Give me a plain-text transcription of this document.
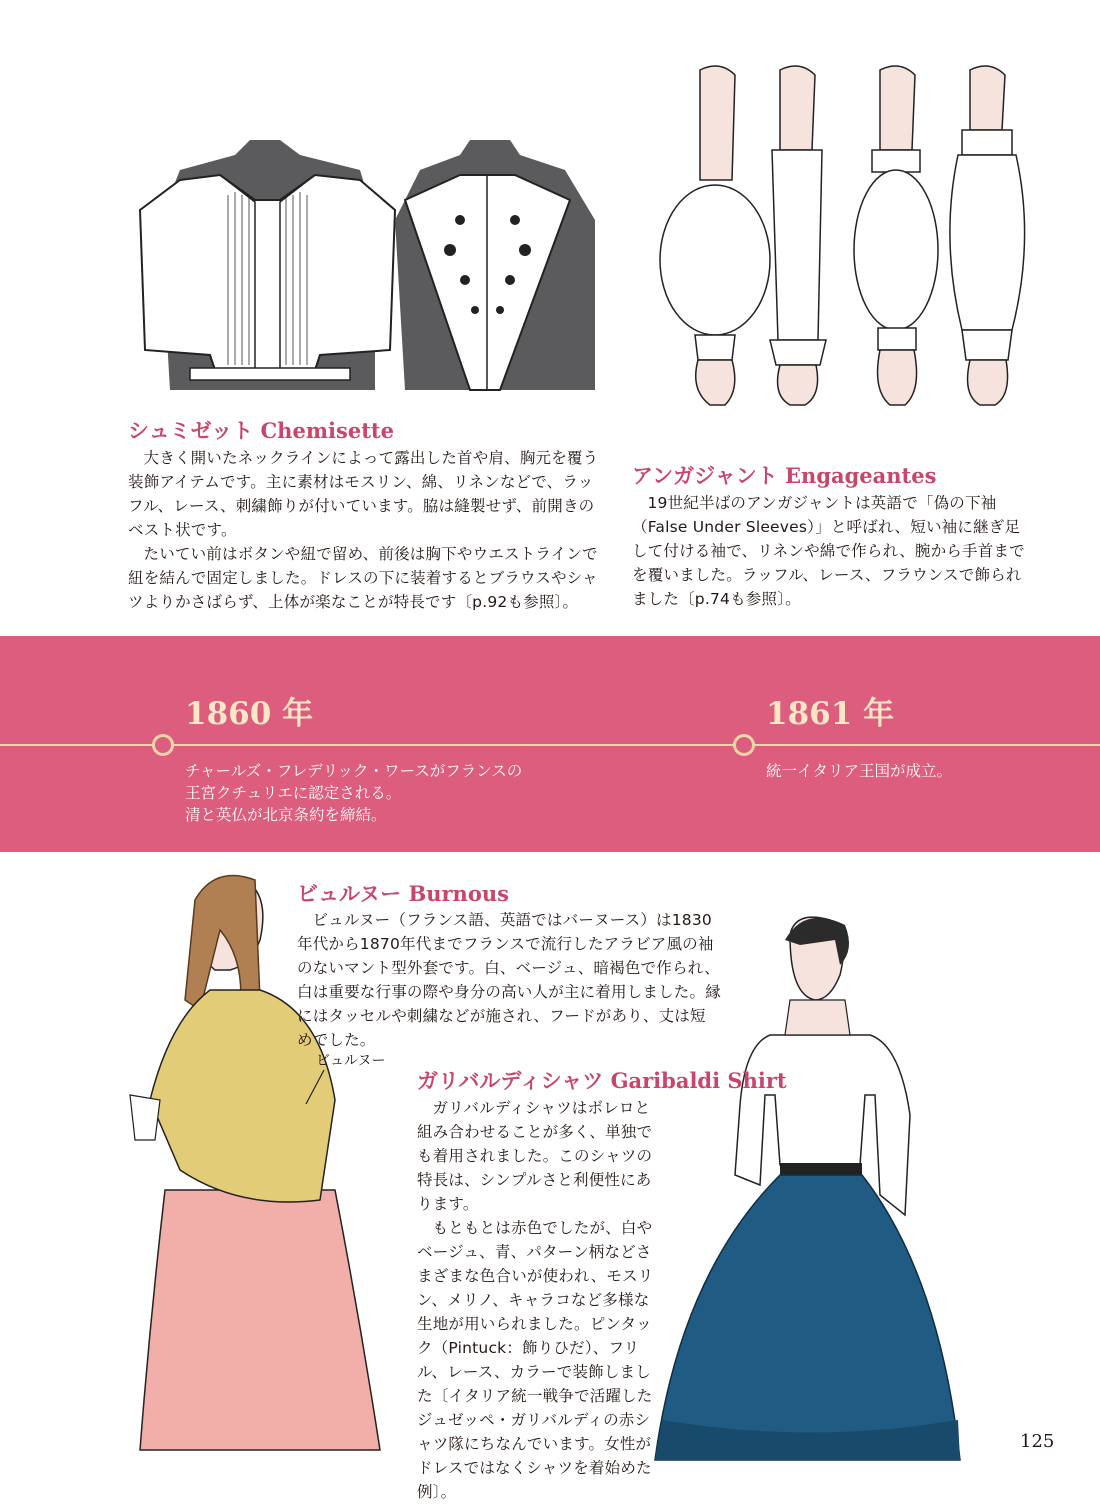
シュミゼット Chemisette

大きく開いたネックラインによって露出した首や肩、胸元を覆う装飾アイテムです。主に素材はモスリン、綿、リネンなどで、ラッフル、レース、刺繍飾りが付いています。脇は縫製せず、前開きのベスト状です。

たいてい前はボタンや紐で留め、前後は胸下やウエストラインで紐を結んで固定しました。ドレスの下に装着するとブラウスやシャツよりかさばらず、上体が楽なことが特長です〔p.92も参照〕。

アンガジャント Engageantes

19世紀半ばのアンガジャントは英語で「偽の下袖（False Under Sleeves）」と呼ばれ、短い袖に継ぎ足して付ける袖で、リネンや綿で作られ、腕から手首までを覆いました。ラッフル、レース、フラウンスで飾られました〔p.74も参照〕。

1860 年
チャールズ・フレデリック・ワースがフランスの
王宮クチュリエに認定される。
清と英仏が北京条約を締結。
1861 年
統一イタリア王国が成立。
ビュルヌー Burnous

ビュルヌー（フランス語、英語ではバーヌース）は1830年代から1870年代までフランスで流行したアラビア風の袖のないマント型外套です。白、ベージュ、暗褐色で作られ、白は重要な行事の際や身分の高い人が主に着用しました。縁にはタッセルや刺繍などが施され、フードがあり、丈は短めでした。

ビュルヌー
ガリバルディシャツ Garibaldi Shirt

ガリバルディシャツはボレロと組み合わせることが多く、単独でも着用されました。このシャツの特長は、シンプルさと利便性にあります。

もともとは赤色でしたが、白やベージュ、青、パターン柄などさまざまな色合いが使われ、モスリン、メリノ、キャラコなど多様な生地が用いられました。ピンタック（Pintuck：飾りひだ）、フリル、レース、カラーで装飾しました〔イタリア統一戦争で活躍したジュゼッペ・ガリバルディの赤シャツ隊にちなんでいます。女性がドレスではなくシャツを着始めた例〕。

125
